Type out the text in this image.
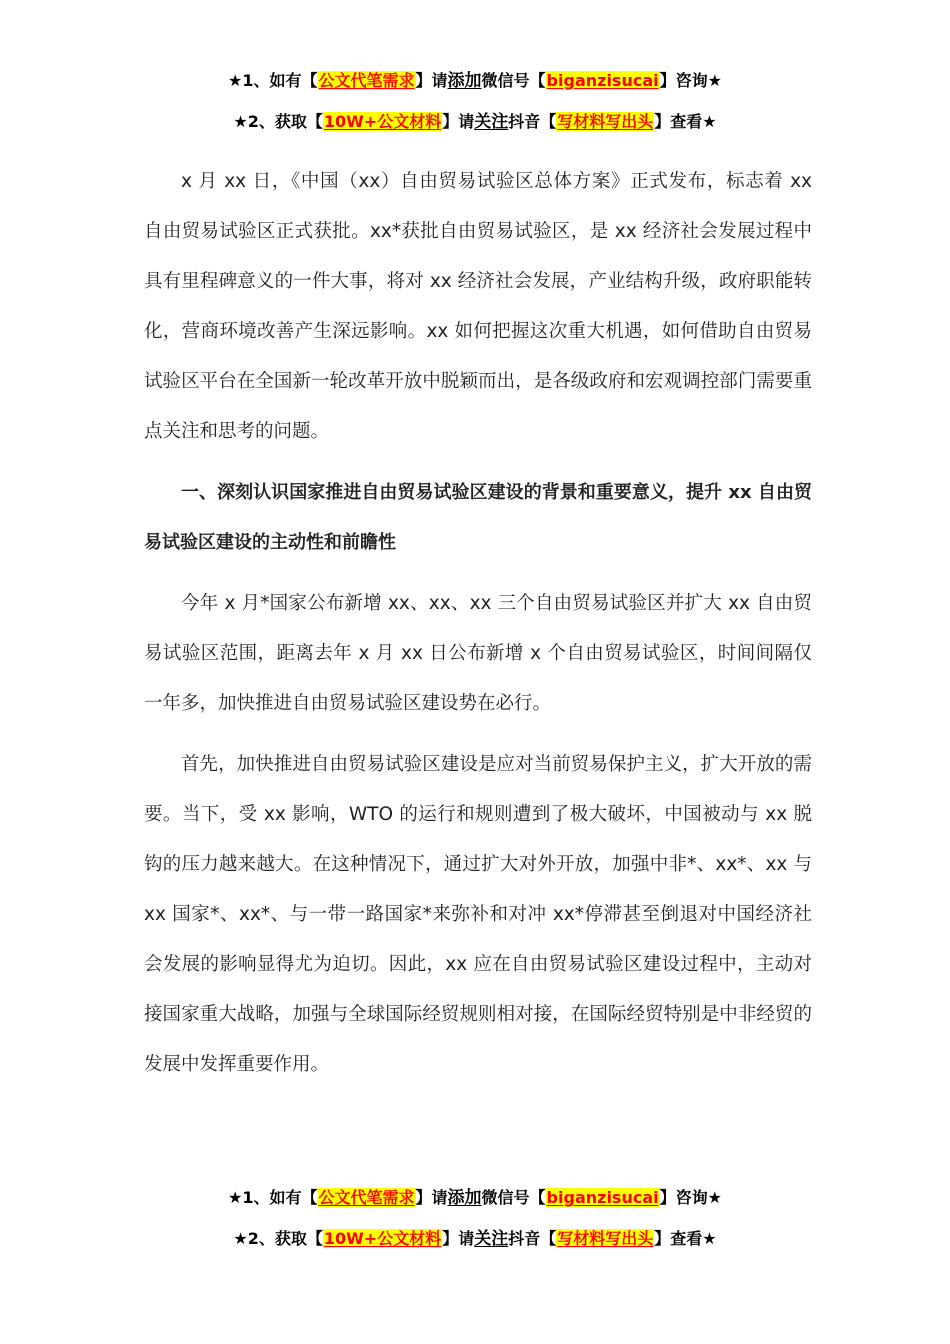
★1、如有【公文代笔需求】请添加微信号【biganzisucai】咨询★
★2、获取【10W+公文材料】请关注抖音【写材料写出头】查看★

x 月 xx 日，《中国（xx）自由贸易试验区总体方案》正式发布，标志着 xx 自由贸易试验区正式获批。xx*获批自由贸易试验区，是 xx 经济社会发展过程中具有里程碑意义的一件大事，将对 xx 经济社会发展，产业结构升级，政府职能转化，营商环境改善产生深远影响。xx 如何把握这次重大机遇，如何借助自由贸易试验区平台在全国新一轮改革开放中脱颖而出，是各级政府和宏观调控部门需要重点关注和思考的问题。

一、深刻认识国家推进自由贸易试验区建设的背景和重要意义，提升 xx 自由贸易试验区建设的主动性和前瞻性

今年 x 月*国家公布新增 xx、xx、xx 三个自由贸易试验区并扩大 xx 自由贸易试验区范围，距离去年 x 月 xx 日公布新增 x 个自由贸易试验区，时间间隔仅一年多，加快推进自由贸易试验区建设势在必行。

首先，加快推进自由贸易试验区建设是应对当前贸易保护主义，扩大开放的需要。当下，受 xx 影响，WTO 的运行和规则遭到了极大破坏，中国被动与 xx 脱钩的压力越来越大。在这种情况下，通过扩大对外开放，加强中非*、xx*、xx 与 xx 国家*、xx*、与一带一路国家*来弥补和对冲 xx*停滞甚至倒退对中国经济社会发展的影响显得尤为迫切。因此，xx 应在自由贸易试验区建设过程中，主动对接国家重大战略，加强与全球国际经贸规则相对接，在国际经贸特别是中非经贸的发展中发挥重要作用。

★1、如有【公文代笔需求】请添加微信号【biganzisucai】咨询★
★2、获取【10W+公文材料】请关注抖音【写材料写出头】查看★
